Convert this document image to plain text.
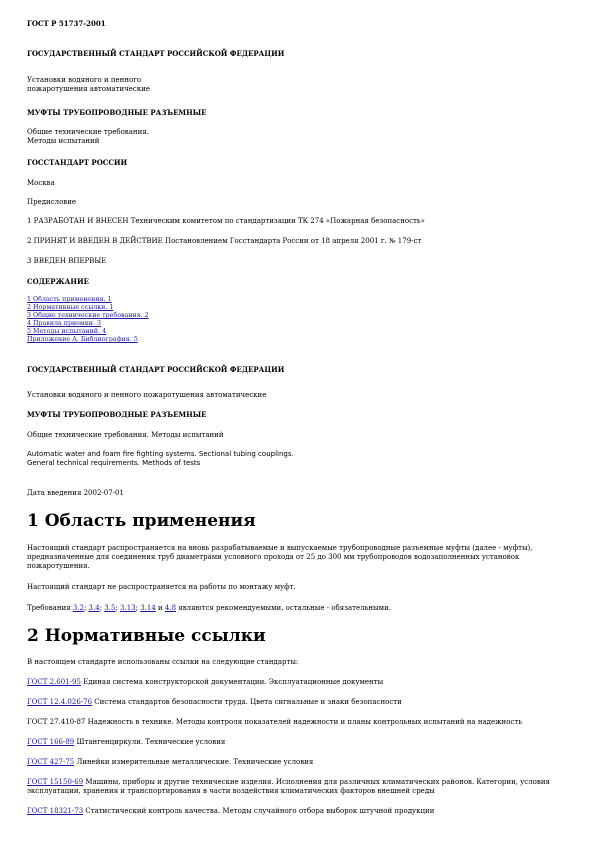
ГОСТ Р 51737-2001
ГОСУДАРСТВЕННЫЙ СТАНДАРТ РОССИЙСКОЙ ФЕДЕРАЦИИ
Установки водяного и пенного
пожаротушения автоматические
МУФТЫ ТРУБОПРОВОДНЫЕ РАЗЪЕМНЫЕ
Общие технические требования.
Методы испытаний
ГОССТАНДАРТ РОССИИ
Москва
Предисловие
1 РАЗРАБОТАН И ВНЕСЕН Техническим комитетом по стандартизации ТК 274 «Пожарная безопасность»
2 ПРИНЯТ И ВВЕДЕН В ДЕЙСТВИЕ Постановлением Госстандарта России от 18 апреля 2001 г. № 179-ст
3 ВВЕДЕН ВПЕРВЫЕ
СОДЕРЖАНИЕ
1 Область применения. 1
2 Нормативные ссылки. 1
3 Общие технические требования. 2
4 Правила приемки. 3
5 Методы испытаний. 4
Приложение А. Библиография. 5
ГОСУДАРСТВЕННЫЙ СТАНДАРТ РОССИЙСКОЙ ФЕДЕРАЦИИ
Установки водяного и пенного пожаротушения автоматические
МУФТЫ ТРУБОПРОВОДНЫЕ РАЗЪЕМНЫЕ
Общие технические требования. Методы испытаний
Automatic water and foam fire fighting systems. Sectional tubing couplings.
General technical requirements. Methods of tests
Дата введения 2002-07-01
1 Область применения
Настоящий стандарт распространяется на вновь разрабатываемые и выпускаемые трубопроводные разъемные муфты (далее - муфты),
предназначенные для соединения труб диаметрами условного прохода от 25 до 300 мм трубопроводов водозаполненных установок
пожаротушения.
Настоящий стандарт не распространяется на работы по монтажу муфт.
Требования 3.2; 3.4; 3.5; 3.13; 3.14 и 4.8 являются рекомендуемыми, остальные - обязательными.
2 Нормативные ссылки
В настоящем стандарте использованы ссылки на следующие стандарты:
ГОСТ 2.601-95 Единая система конструкторской документации. Эксплуатационные документы
ГОСТ 12.4.026-76 Система стандартов безопасности труда. Цвета сигнальные и знаки безопасности
ГОСТ 27.410-87 Надежность в технике. Методы контроля показателей надежности и планы контрольных испытаний на надежность
ГОСТ 166-89 Штангенциркули. Технические условия
ГОСТ 427-75 Линейки измерительные металлические. Технические условия
ГОСТ 15150-69 Машины, приборы и другие технические изделия. Исполнения для различных климатических районов. Категории, условия
эксплуатации, хранения и транспортирования в части воздействия климатических факторов внешней среды
ГОСТ 18321-73 Статистический контроль качества. Методы случайного отбора выборок штучной продукции
